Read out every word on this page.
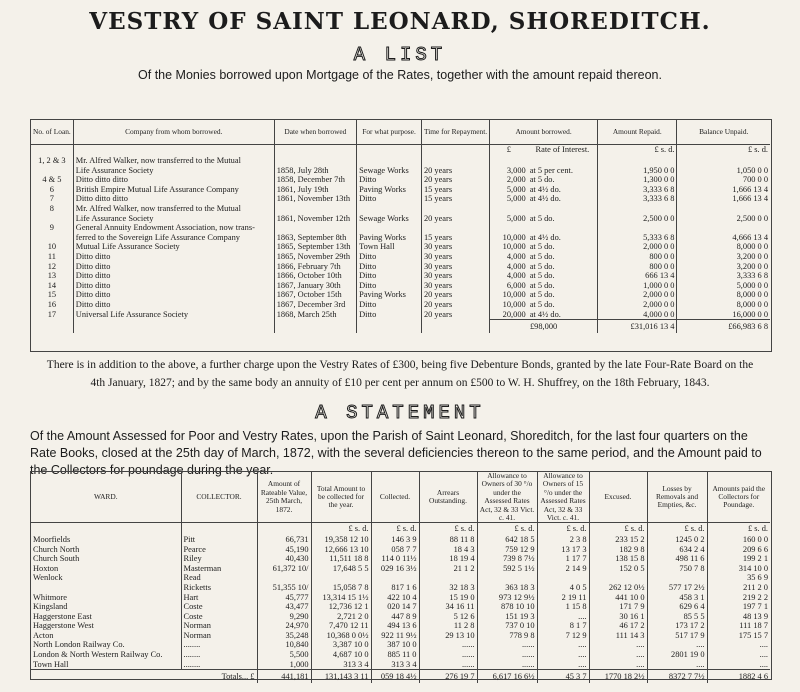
VESTRY OF SAINT LEONARD, SHOREDITCH.
A LIST
Of the Monies borrowed upon Mortgage of the Rates, together with the amount repaid thereon.
No. of Loan.	Company from whom borrowed.	Date when borrowed	For what purpose.	Time for Repayment.	Amount borrowed.		Amount Repaid.	Balance Unpaid.
					£	Rate of Interest.	£ s. d.	£ s. d.
1, 2 & 3	Mr. Alfred Walker, now transferred to the Mutual							
	Life Assurance Society	1858, July 28th	Sewage Works	20 years	3,000	at 5 per cent.	1,950 0 0	1,050 0 0
4 & 5	Ditto ditto ditto	1858, December 7th	Ditto	20 years	2,000	at 5 do.	1,300 0 0	700 0 0
6	British Empire Mutual Life Assurance Company	1861, July 19th	Paving Works	15 years	5,000	at 4½ do.	3,333 6 8	1,666 13 4
7	Ditto ditto ditto	1861, November 13th	Ditto	15 years	5,000	at 4½ do.	3,333 6 8	1,666 13 4
8	Mr. Alfred Walker, now transferred to the Mutual							
	Life Assurance Society	1861, November 12th	Sewage Works	20 years	5,000	at 5 do.	2,500 0 0	2,500 0 0
9	General Annuity Endowment Association, now trans-							
	ferred to the Sovereign Life Assurance Company	1863, September 8th	Paving Works	15 years	10,000	at 4½ do.	5,333 6 8	4,666 13 4
10	Mutual Life Assurance Society	1865, September 13th	Town Hall	30 years	10,000	at 5 do.	2,000 0 0	8,000 0 0
11	Ditto ditto	1865, November 29th	Ditto	30 years	4,000	at 5 do.	800 0 0	3,200 0 0
12	Ditto ditto	1866, February 7th	Ditto	30 years	4,000	at 5 do.	800 0 0	3,200 0 0
13	Ditto ditto	1866, October 10th	Ditto	30 years	4,000	at 5 do.	666 13 4	3,333 6 8
14	Ditto ditto	1867, January 30th	Ditto	30 years	6,000	at 5 do.	1,000 0 0	5,000 0 0
15	Ditto ditto	1867, October 15th	Paving Works	20 years	10,000	at 5 do.	2,000 0 0	8,000 0 0
16	Ditto ditto	1867, December 3rd	Ditto	20 years	10,000	at 5 do.	2,000 0 0	8,000 0 0
17	Universal Life Assurance Society	1868, March 25th	Ditto	20 years	20,000	at 4½ do.	4,000 0 0	16,000 0 0
					£98,000		£31,016 13 4	£66,983 6 8
There is in addition to the above, a further charge upon the Vestry Rates of £300, being five Debenture Bonds, granted by the late Four-Rate Board on the
4th January, 1827; and by the same body an annuity of £10 per cent per annum on £500 to W. H. Shuffrey, on the 18th February, 1843.
A STATEMENT
Of the Amount Assessed for Poor and Vestry Rates, upon the Parish of Saint Leonard, Shoreditch, for the last four quarters on the Rate Books, closed at the 25th day of March, 1872, with the several deficiencies thereon to the same period, and the Amount paid to the Collectors for poundage during the year.
WARD.	COLLECTOR.	Amount of Rateable Value, 25th March, 1872.	Total Amount to be collected for the year.	Collected.	Arrears Outstanding.	Allowance to Owners of 30 °/o under the Assessed Rates Act, 32 & 33 Vict. c. 41.	Allowance to Owners of 15 °/o under the Assessed Rates Act, 32 & 33 Vict. c. 41.	Excused.	Losses by Removals and Empties, &c.	Amounts paid the Collectors for Poundage.
			£ s. d.	£ s. d.	£ s. d.	£ s. d.	£ s. d.	£ s. d.	£ s. d.	£ s. d.
Moorfields	Pitt	66,731	19,358 12 10	146 3 9	88 11 8	642 18 5	2 3 8	233 15 2	1245 0 2	160 0 0
Church North	Pearce	45,190	12,666 13 10	058 7 7	18 4 3	759 12 9	13 17 3	182 9 8	634 2 4	209 6 6
Church South	Riley	40,430	11,511 18 8	114 0 11½	18 19 4	739 8 7½	1 17 7	138 15 8	498 11 6	199 2 1
Hoxton	Masterman	61,372 10/	17,648 5 5	029 16 3½	21 1 2	592 5 1½	2 14 9	152 0 5	750 7 8	314 10 0
Wenlock	Read									35 6 9
	Ricketts	51,355 10/	15,058 7 8	817 1 6	32 18 3	363 18 3	4 0 5	262 12 0½	577 17 2½	211 2 0
Whitmore	Hart	45,777	13,314 15 1½	422 10 4	15 19 0	973 12 9½	2 19 11	441 10 0	458 3 1	219 2 2
Kingsland	Coste	43,477	12,736 12 1	020 14 7	34 16 11	878 10 10	1 15 8	171 7 9	629 6 4	197 7 1
Haggerstone East	Coste	9,290	2,721 2 0	447 8 9	5 12 6	151 19 3	....	30 16 1	85 5 5	48 13 9
Haggerstone West	Norman	24,970	7,470 12 11	494 13 6	11 2 8	737 0 10	8 1 7	46 17 2	173 17 2	111 18 7
Acton	Norman	35,248	10,368 0 0½	922 11 9½	29 13 10	778 9 8	7 12 9	111 14 3	517 17 9	175 15 7
North London Railway Co.	........	10,840	3,387 10 0	387 10 0	......	......	....	....	....	....
London & North Western Railway Co.	........	5,500	4,687 10 0	885 11 0	......	......	....	....	2801 19 0	....
Town Hall	........	1,000	313 3 4	313 3 4	......	......	....	....	....	....
Totals... £		441,181	131,143 3 11	059 18 4½	276 19 7	6,617 16 6½	45 3 7	1770 18 2½	8372 7 7½	1882 4 6
